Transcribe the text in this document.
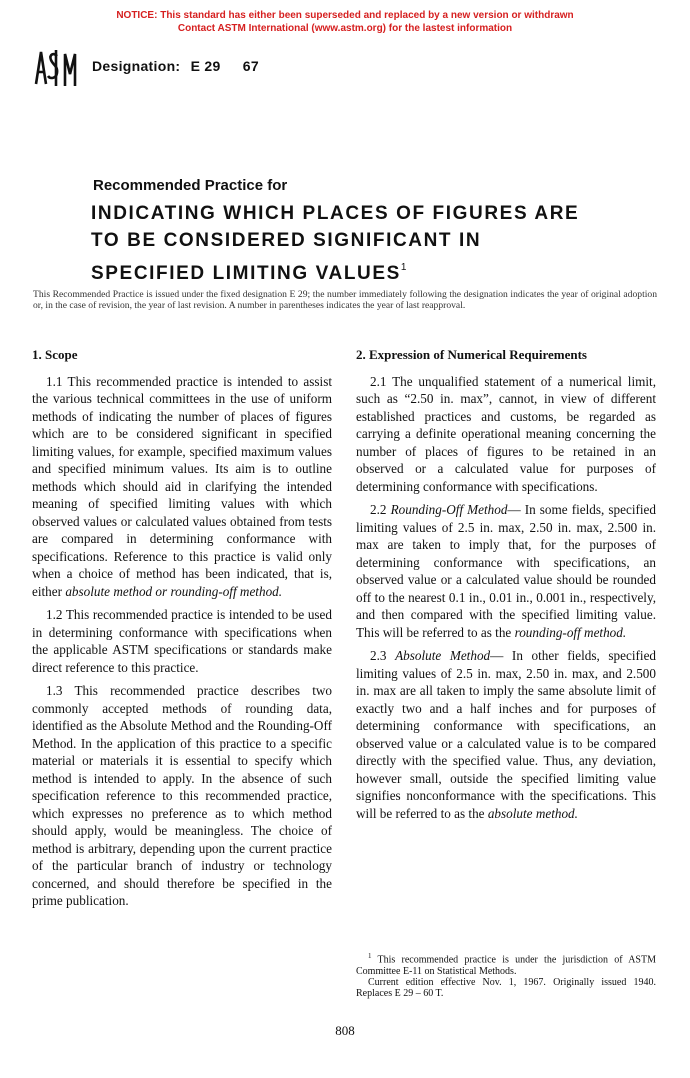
NOTICE: This standard has either been superseded and replaced by a new version or withdrawn
Contact ASTM International (www.astm.org) for the lastest information
ASTM
Designation: E 29 67
Recommended Practice for
INDICATING WHICH PLACES OF FIGURES ARE
TO BE CONSIDERED SIGNIFICANT IN
SPECIFIED LIMITING VALUES$^1$
This Recommended Practice is issued under the fixed designation E 29; the number immediately following the designation indicates the year of original adoption or, in the case of revision, the year of last revision. A number in parentheses indicates the year of last reapproval.
1. Scope

1.1 This recommended practice is intended to assist the various technical committees in the use of uniform methods of indicating the number of places of figures which are to be considered significant in specified limiting values, for example, specified maximum values and specified minimum values. Its aim is to outline methods which should aid in clarifying the intended meaning of specified limiting values with which observed values or calculated values obtained from tests are compared in determining conformance with specifications. Reference to this practice is valid only when a choice of method has been indicated, that is, either absolute method or rounding-off method.

1.2 This recommended practice is intended to be used in determining conformance with specifications when the applicable ASTM specifications or standards make direct reference to this practice.

1.3 This recommended practice describes two commonly accepted methods of rounding data, identified as the Absolute Method and the Rounding-Off Method. In the application of this practice to a specific material or materials it is essential to specify which method is intended to apply. In the absence of such specification reference to this recommended practice, which expresses no preference as to which method should apply, would be meaningless. The choice of method is arbitrary, depending upon the current practice of the particular branch of industry or technology concerned, and should therefore be specified in the prime publication.

2. Expression of Numerical Requirements

2.1 The unqualified statement of a numerical limit, such as “2.50 in. max”, cannot, in view of different established practices and customs, be regarded as carrying a definite operational meaning concerning the number of places of figures to be retained in an observed or a calculated value for purposes of determining conformance with specifications.

2.2 Rounding-Off Method— In some fields, specified limiting values of 2.5 in. max, 2.50 in. max, 2.500 in. max are taken to imply that, for the purposes of determining conformance with specifications, an observed value or a calculated value should be rounded off to the nearest 0.1 in., 0.01 in., 0.001 in., respectively, and then compared with the specified limiting value. This will be referred to as the rounding-off method.

2.3 Absolute Method— In other fields, specified limiting values of 2.5 in. max, 2.50 in. max, and 2.500 in. max are all taken to imply the same absolute limit of exactly two and a half inches and for purposes of determining conformance with specifications, an observed value or a calculated value is to be compared directly with the specified value. Thus, any deviation, however small, outside the specified limiting value signifies nonconformance with the specifications. This will be referred to as the absolute method.

$^1$ This recommended practice is under the jurisdiction of ASTM Committee E-11 on Statistical Methods.

Current edition effective Nov. 1, 1967. Originally issued 1940. Replaces E 29 – 60 T.

808
